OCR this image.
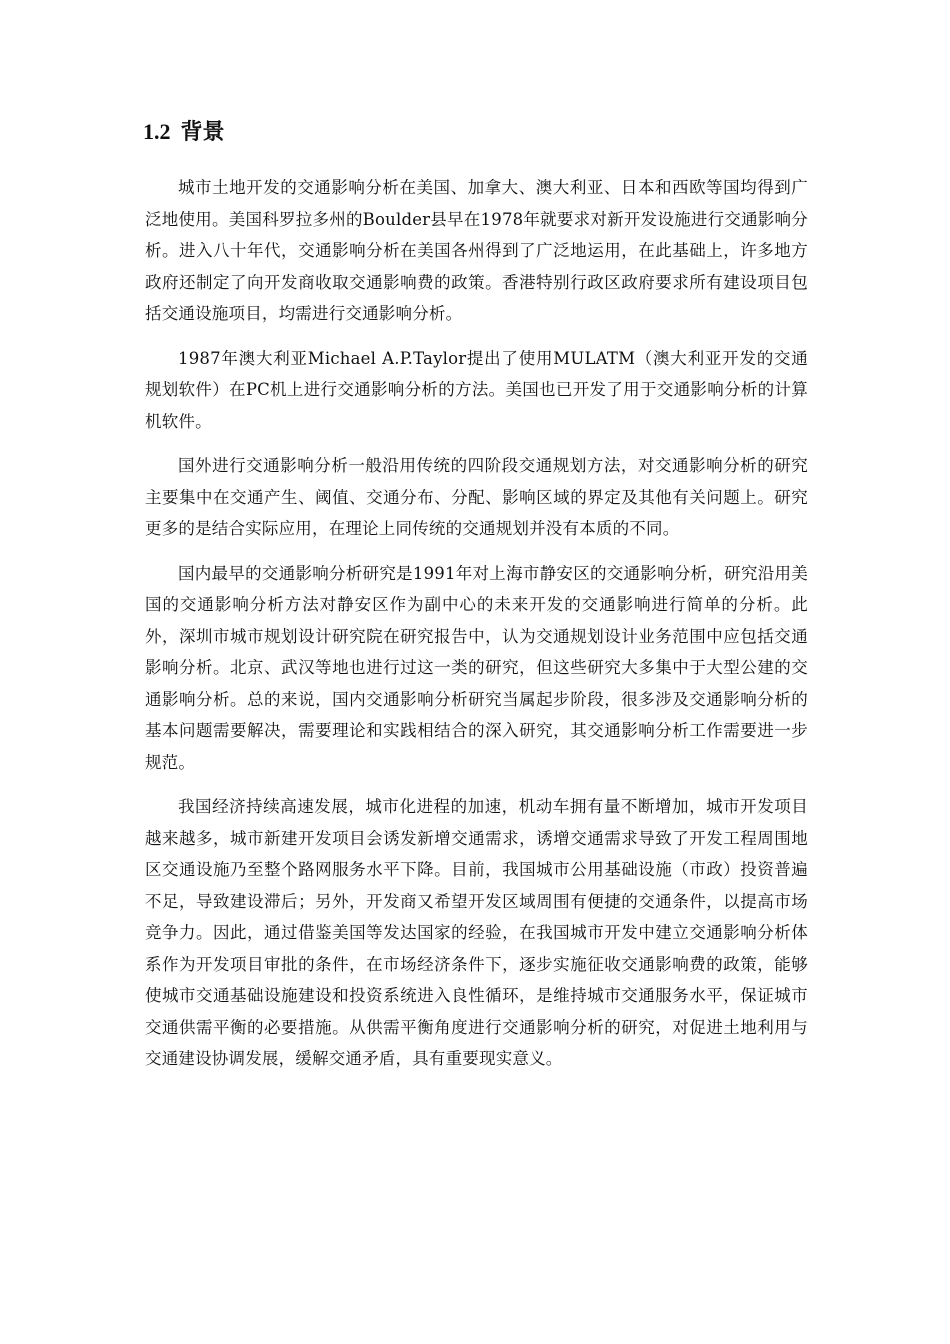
1.2 背景

城市土地开发的交通影响分析在美国、加拿大、澳大利亚、日本和西欧等国均得到广泛地使用。美国科罗拉多州的Boulder县早在1978年就要求对新开发设施进行交通影响分析。进入八十年代，交通影响分析在美国各州得到了广泛地运用，在此基础上，许多地方政府还制定了向开发商收取交通影响费的政策。香港特别行政区政府要求所有建设项目包括交通设施项目，均需进行交通影响分析。

1987年澳大利亚Michael A.P.Taylor提出了使用MULATM（澳大利亚开发的交通规划软件）在PC机上进行交通影响分析的方法。美国也已开发了用于交通影响分析的计算机软件。

国外进行交通影响分析一般沿用传统的四阶段交通规划方法，对交通影响分析的研究主要集中在交通产生、阈值、交通分布、分配、影响区域的界定及其他有关问题上。研究更多的是结合实际应用，在理论上同传统的交通规划并没有本质的不同。

国内最早的交通影响分析研究是1991年对上海市静安区的交通影响分析，研究沿用美国的交通影响分析方法对静安区作为副中心的未来开发的交通影响进行简单的分析。此外，深圳市城市规划设计研究院在研究报告中，认为交通规划设计业务范围中应包括交通影响分析。北京、武汉等地也进行过这一类的研究，但这些研究大多集中于大型公建的交通影响分析。总的来说，国内交通影响分析研究当属起步阶段，很多涉及交通影响分析的基本问题需要解决，需要理论和实践相结合的深入研究，其交通影响分析工作需要进一步规范。

我国经济持续高速发展，城市化进程的加速，机动车拥有量不断增加，城市开发项目越来越多，城市新建开发项目会诱发新增交通需求，诱增交通需求导致了开发工程周围地区交通设施乃至整个路网服务水平下降。目前，我国城市公用基础设施（市政）投资普遍不足，导致建设滞后；另外，开发商又希望开发区域周围有便捷的交通条件，以提高市场竞争力。因此，通过借鉴美国等发达国家的经验，在我国城市开发中建立交通影响分析体系作为开发项目审批的条件，在市场经济条件下，逐步实施征收交通影响费的政策，能够使城市交通基础设施建设和投资系统进入良性循环，是维持城市交通服务水平，保证城市交通供需平衡的必要措施。从供需平衡角度进行交通影响分析的研究，对促进土地利用与交通建设协调发展，缓解交通矛盾，具有重要现实意义。
